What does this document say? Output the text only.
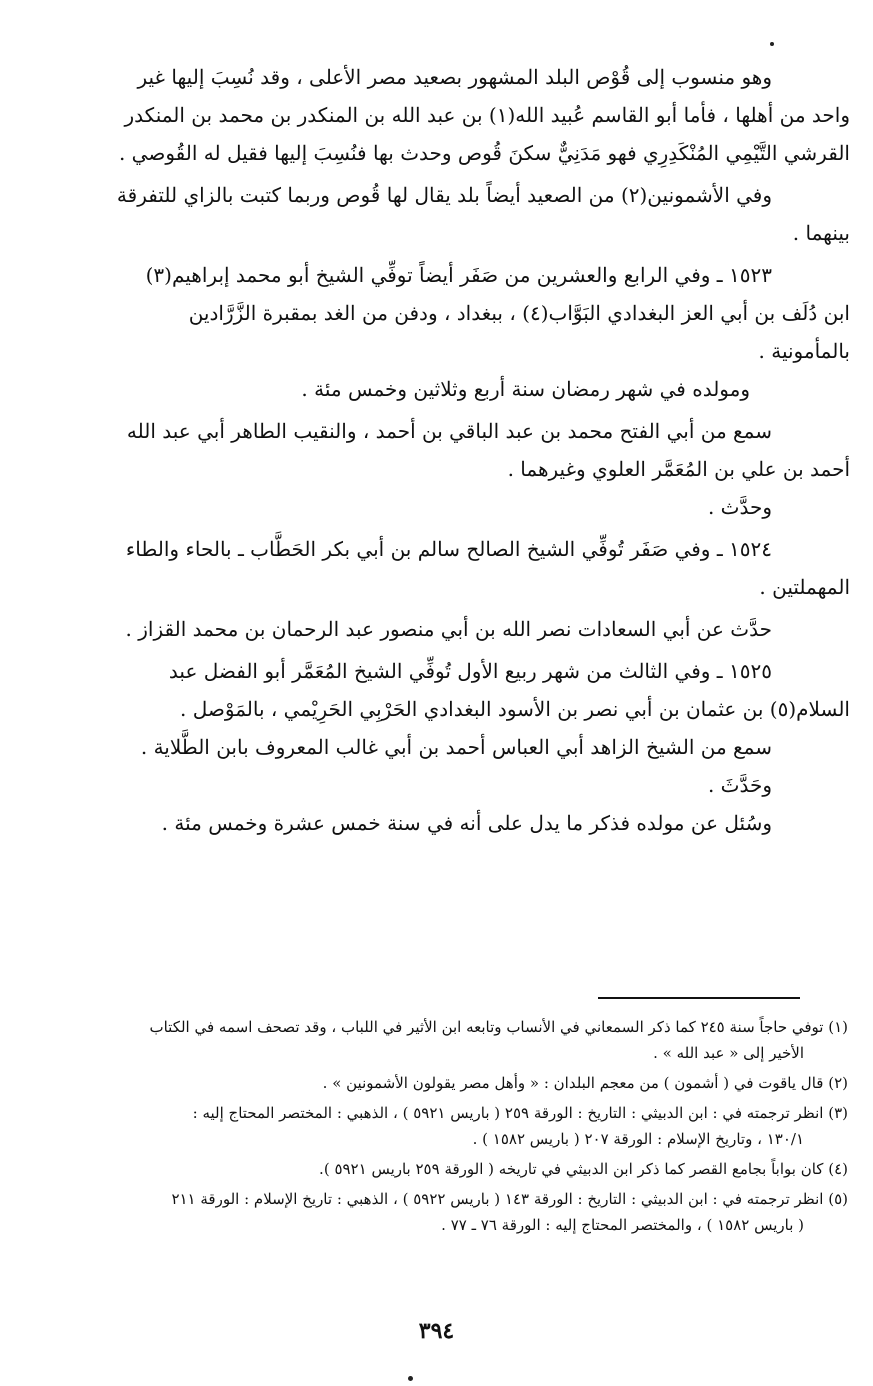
وهو منسوب إلى قُوْص البلد المشهور بصعيد مصر الأعلى ، وقد نُسِبَ إليها غير
واحد من أهلها ، فأما أبو القاسم عُبيد الله(١) بن عبد الله بن المنكدر بن محمد بن المنكدر
القرشي التَّيْمِي المُنْكَدِرِي فهو مَدَنِيٌّ سكنَ قُوص وحدث بها فنُسِبَ إليها فقيل له القُوصي .
وفي الأشمونين(٢) من الصعيد أيضاً بلد يقال لها قُوص وربما كتبت بالزاي للتفرقة
بينهما .
١٥٢٣ ـ وفي الرابع والعشرين من صَفَر أيضاً توفِّي الشيخ أبو محمد إبراهيم(٣)
ابن دُلَف بن أبي العز البغدادي البَوَّاب(٤) ، ببغداد ، ودفن من الغد بمقبرة الزَّرَّادين
بالمأمونية .
ومولده في شهر رمضان سنة أربع وثلاثين وخمس مئة .
سمع من أبي الفتح محمد بن عبد الباقي بن أحمد ، والنقيب الطاهر أبي عبد الله
أحمد بن علي بن المُعَمَّر العلوي وغيرهما .
وحدَّث .
١٥٢٤ ـ وفي صَفَر تُوفِّي الشيخ الصالح سالم بن أبي بكر الحَطَّاب ـ بالحاء والطاء
المهملتين .
حدَّث عن أبي السعادات نصر الله بن أبي منصور عبد الرحمان بن محمد القزاز .
١٥٢٥ ـ وفي الثالث من شهر ربيع الأول تُوفِّي الشيخ المُعَمَّر أبو الفضل عبد
السلام(٥) بن عثمان بن أبي نصر بن الأسود البغدادي الحَرْبِي الحَرِيْمي ، بالمَوْصل .
سمع من الشيخ الزاهد أبي العباس أحمد بن أبي غالب المعروف بابن الطَّلاية .
وحَدَّثَ .
وسُئل عن مولده فذكر ما يدل على أنه في سنة خمس عشرة وخمس مئة .
(١) توفي حاجاً سنة ٢٤٥ كما ذكر السمعاني في الأنساب وتابعه ابن الأثير في اللباب ، وقد تصحف اسمه في الكتاب
الأخير إلى « عبد الله » .
(٢) قال ياقوت في ( أشمون ) من معجم البلدان : « وأهل مصر يقولون الأشمونين » .
(٣) انظر ترجمته في : ابن الدبيثي : التاريخ : الورقة ٢٥٩ ( باريس ٥٩٢١ ) ، الذهبي : المختصر المحتاج إليه :
١٣٠/١ ، وتاريخ الإسلام : الورقة ٢٠٧ ( باريس ١٥٨٢ ) .
(٤) كان بواباً بجامع القصر كما ذكر ابن الدبيثي في تاريخه ( الورقة ٢٥٩ باريس ٥٩٢١ ).
(٥) انظر ترجمته في : ابن الدبيثي : التاريخ : الورقة ١٤٣ ( باريس ٥٩٢٢ ) ، الذهبي : تاريخ الإسلام : الورقة ٢١١
( باريس ١٥٨٢ ) ، والمختصر المحتاج إليه : الورقة ٧٦ ـ ٧٧ .
٣٩٤
